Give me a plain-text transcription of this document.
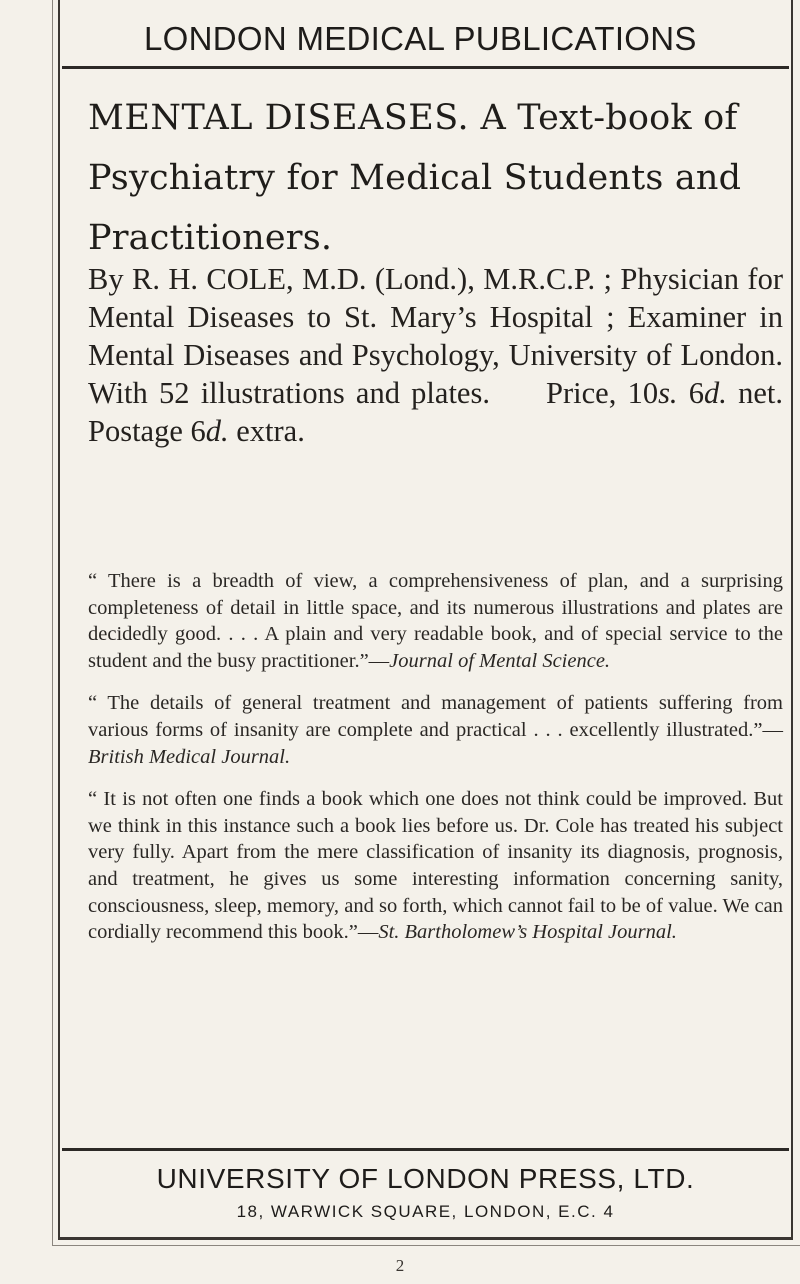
LONDON MEDICAL PUBLICATIONS
MENTAL DISEASES. A Text-book of Psychiatry for Medical Students and Practitioners.
By R. H. COLE, M.D. (Lond.), M.R.C.P. ; Physician for Mental Diseases to St. Mary’s Hospital ; Examiner in Mental Diseases and Psychology, University of London. With 52 illustrations and plates. Price, 10s. 6d. net. Postage 6d. extra.

“ There is a breadth of view, a comprehensiveness of plan, and a surprising completeness of detail in little space, and its numerous illustrations and plates are decidedly good. . . . A plain and very readable book, and of special service to the student and the busy practitioner.”—Journal of Mental Science.

“ The details of general treatment and management of patients suffering from various forms of insanity are complete and practical . . . excellently illustrated.”—British Medical Journal.

“ It is not often one finds a book which one does not think could be improved. But we think in this instance such a book lies before us. Dr. Cole has treated his subject very fully. Apart from the mere classification of insanity its diagnosis, prognosis, and treatment, he gives us some interesting information concerning sanity, consciousness, sleep, memory, and so forth, which cannot fail to be of value. We can cordially recommend this book.”—St. Bartholomew’s Hospital Journal.

UNIVERSITY OF LONDON PRESS, LTD.
18, WARWICK SQUARE, LONDON, E.C. 4
2
